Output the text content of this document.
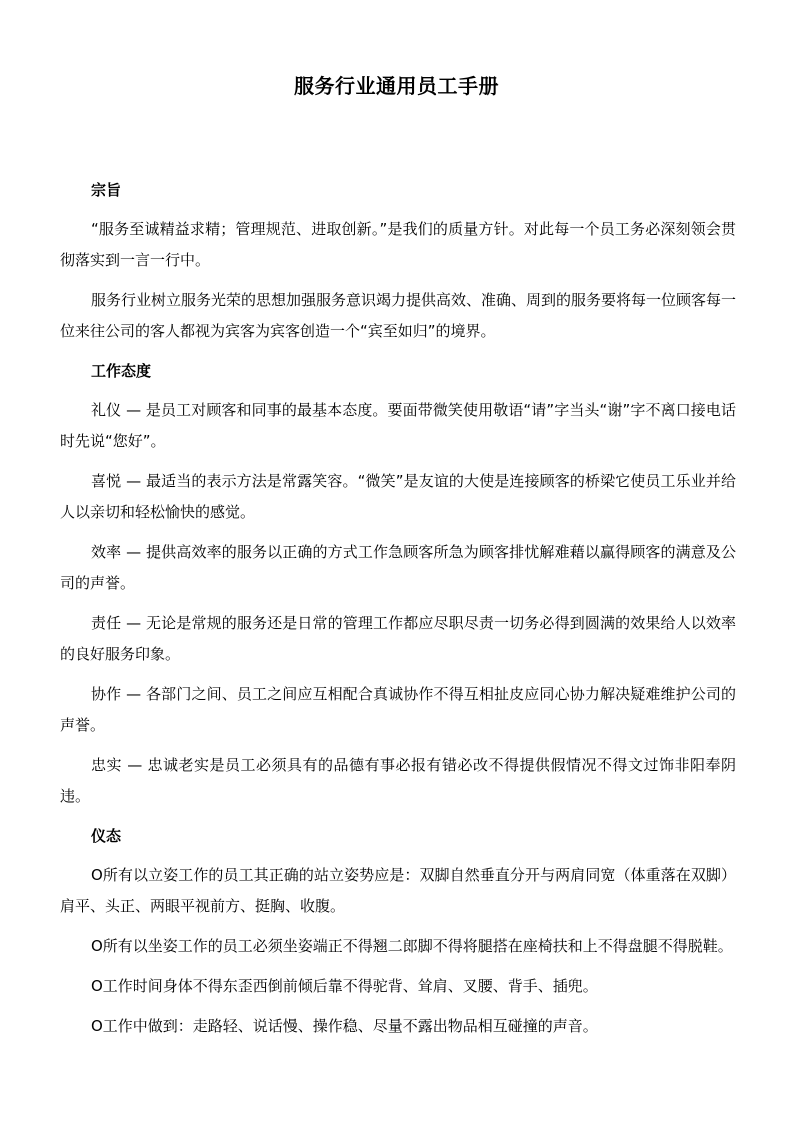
服务行业通用员工手册
宗旨

“服务至诚精益求精；管理规范、进取创新。”是我们的质量方针。对此每一个员工务必深刻领会贯彻落实到一言一行中。

服务行业树立服务光荣的思想加强服务意识竭力提供高效、准确、周到的服务要将每一位顾客每一位来往公司的客人都视为宾客为宾客创造一个“宾至如归”的境界。

工作态度

礼仪 — 是员工对顾客和同事的最基本态度。要面带微笑使用敬语“请”字当头“谢”字不离口接电话时先说“您好”。

喜悦 — 最适当的表示方法是常露笑容。“微笑”是友谊的大使是连接顾客的桥梁它使员工乐业并给人以亲切和轻松愉快的感觉。

效率 — 提供高效率的服务以正确的方式工作急顾客所急为顾客排忧解难藉以赢得顾客的满意及公司的声誉。

责任 — 无论是常规的服务还是日常的管理工作都应尽职尽责一切务必得到圆满的效果给人以效率的良好服务印象。

协作 — 各部门之间、员工之间应互相配合真诚协作不得互相扯皮应同心协力解决疑难维护公司的声誉。

忠实 — 忠诚老实是员工必须具有的品德有事必报有错必改不得提供假情况不得文过饰非阳奉阴违。

仪态

O所有以立姿工作的员工其正确的站立姿势应是：双脚自然垂直分开与两肩同宽（体重落在双脚）肩平、头正、两眼平视前方、挺胸、收腹。

O所有以坐姿工作的员工必须坐姿端正不得翘二郎脚不得将腿搭在座椅扶和上不得盘腿不得脱鞋。

O工作时间身体不得东歪西倒前倾后靠不得驼背、耸肩、叉腰、背手、插兜。

O工作中做到：走路轻、说话慢、操作稳、尽量不露出物品相互碰撞的声音。
